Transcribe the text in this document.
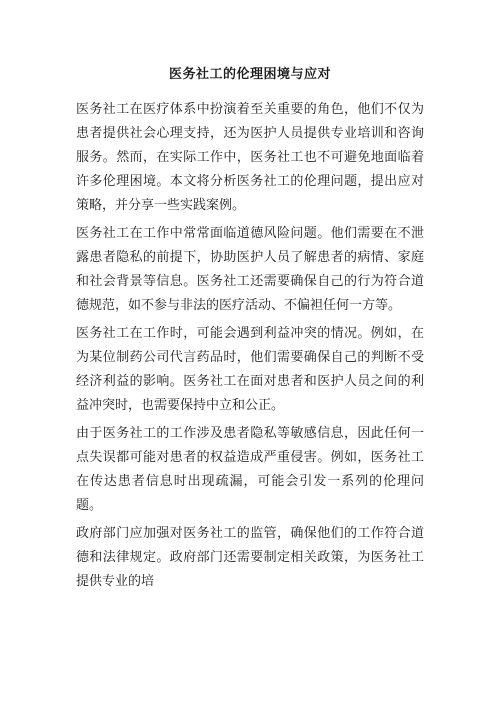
医务社工的伦理困境与应对

医务社工在医疗体系中扮演着至关重要的角色，他们不仅为患者提供社会心理支持，还为医护人员提供专业培训和咨询服务。然而，在实际工作中，医务社工也不可避免地面临着许多伦理困境。本文将分析医务社工的伦理问题，提出应对策略，并分享一些实践案例。

医务社工在工作中常常面临道德风险问题。他们需要在不泄露患者隐私的前提下，协助医护人员了解患者的病情、家庭和社会背景等信息。医务社工还需要确保自己的行为符合道德规范，如不参与非法的医疗活动、不偏袒任何一方等。

医务社工在工作时，可能会遇到利益冲突的情况。例如，在为某位制药公司代言药品时，他们需要确保自己的判断不受经济利益的影响。医务社工在面对患者和医护人员之间的利益冲突时，也需要保持中立和公正。

由于医务社工的工作涉及患者隐私等敏感信息，因此任何一点失误都可能对患者的权益造成严重侵害。例如，医务社工在传达患者信息时出现疏漏，可能会引发一系列的伦理问题。

政府部门应加强对医务社工的监管，确保他们的工作符合道德和法律规定。政府部门还需要制定相关政策，为医务社工提供专业的培
